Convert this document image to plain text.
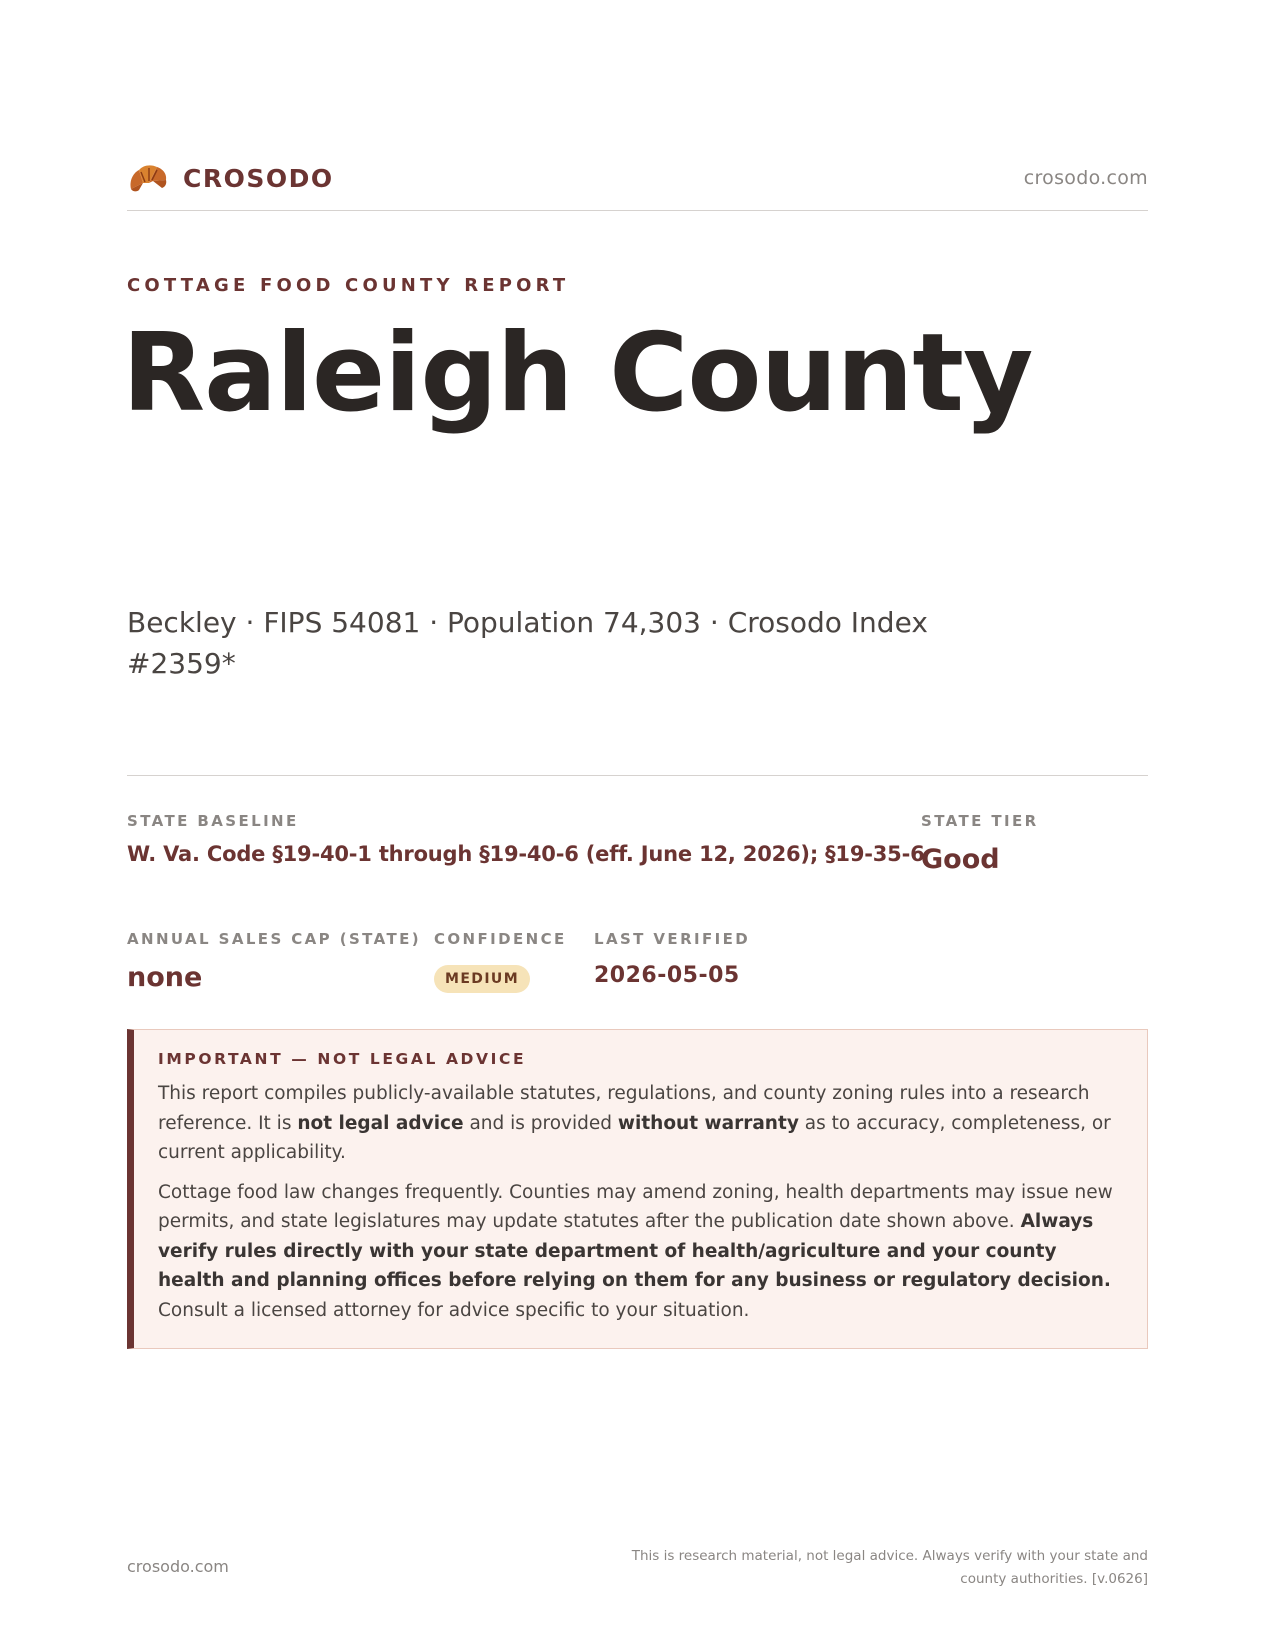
CROSODO	crosodo.com
COTTAGE FOOD COUNTY REPORT
Raleigh County
Beckley · FIPS 54081 · Population 74,303 · Crosodo Index #2359*
STATE BASELINE
W. Va. Code §19-40-1 through §19-40-6 (eff. June 12, 2026); §19-35-6
STATE TIER
Good
ANNUAL SALES CAP (STATE)
none
CONFIDENCE
MEDIUM
LAST VERIFIED
2026-05-05
IMPORTANT — NOT LEGAL ADVICE

This report compiles publicly-available statutes, regulations, and county zoning rules into a research reference. It is not legal advice and is provided without warranty as to accuracy, completeness, or current applicability.

Cottage food law changes frequently. Counties may amend zoning, health departments may issue new permits, and state legislatures may update statutes after the publication date shown above. Always verify rules directly with your state department of health/agriculture and your county health and planning offices before relying on them for any business or regulatory decision. Consult a licensed attorney for advice specific to your situation.

crosodo.com
This is research material, not legal advice. Always verify with your state and county authorities. [v.0626]
